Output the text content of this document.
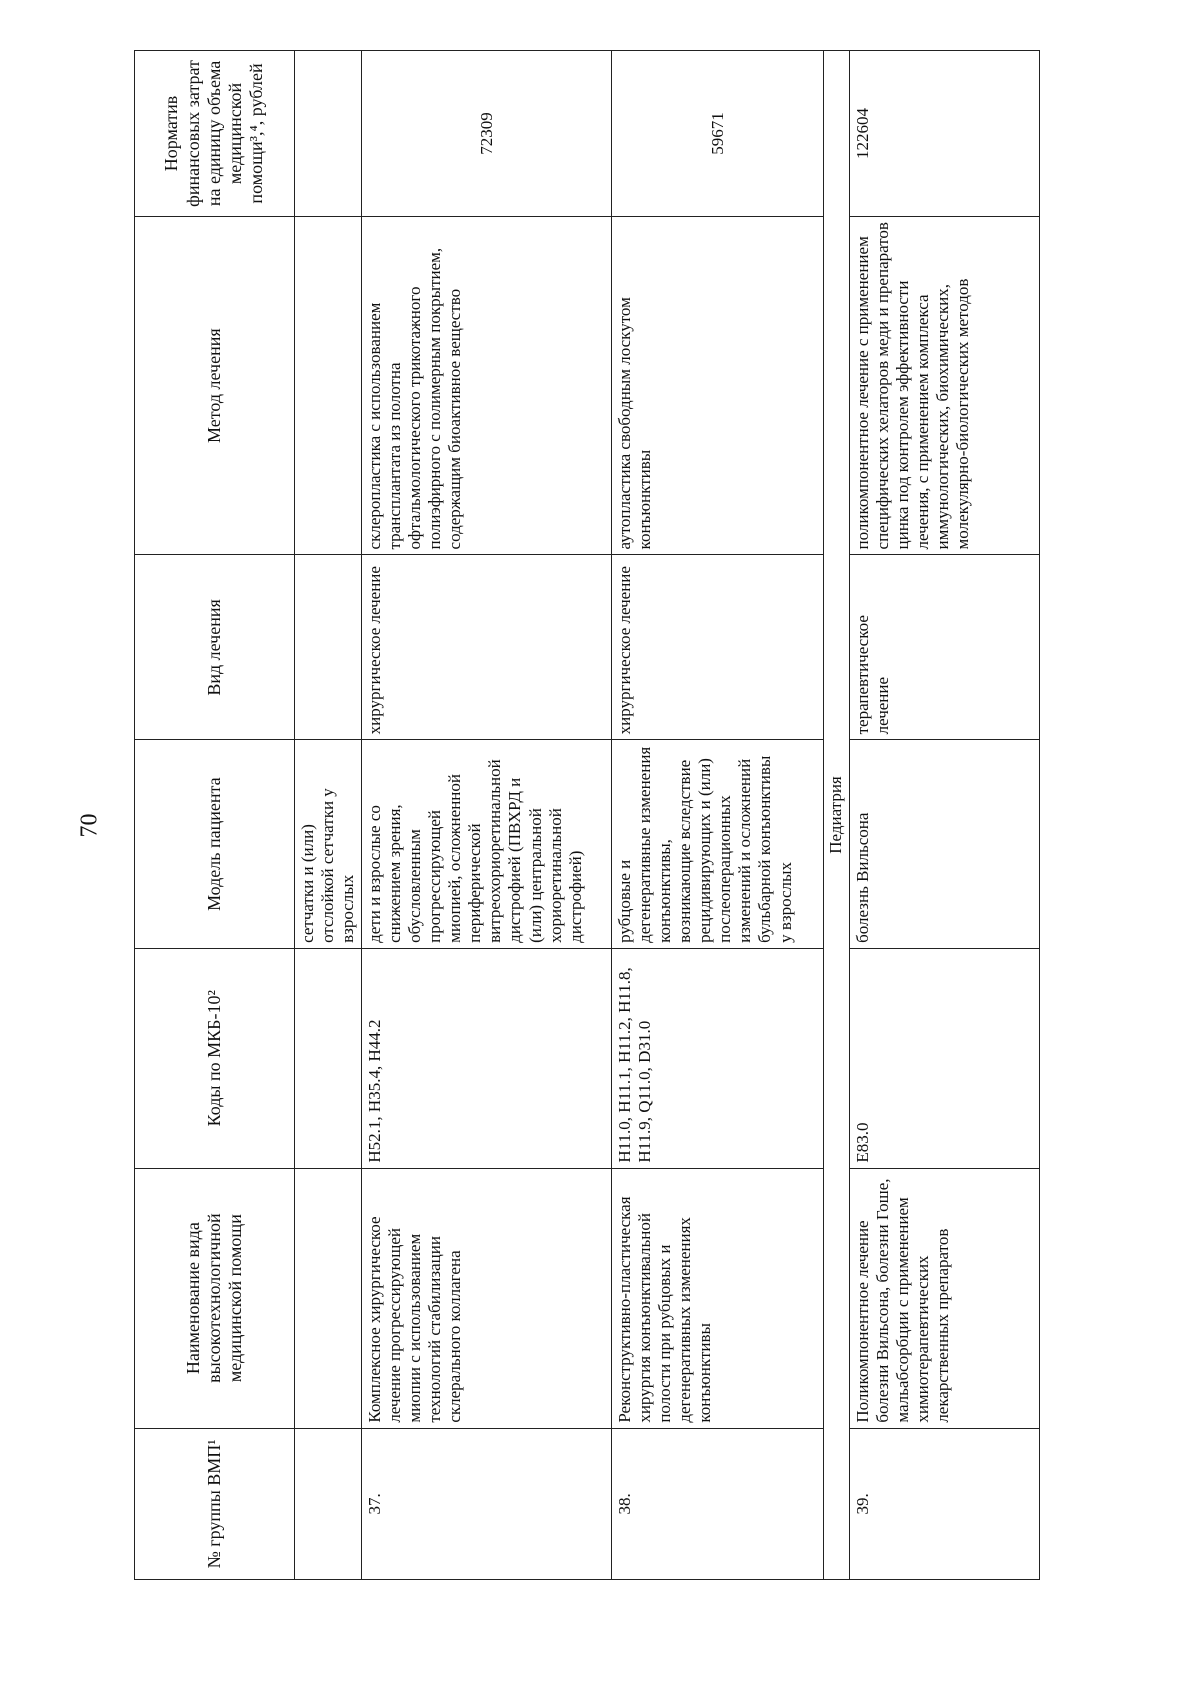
70
№ группы ВМП¹	Наименование вида высокотехнологичной медицинской помощи	Коды по МКБ-10²	Модель пациента	Вид лечения	Метод лечения	Норматив финансовых затрат на единицу объема медицинской помощи³,⁴, рублей
			сетчатки и (или) отслойкой сетчатки у взрослых			
37.	Комплексное хирургическое лечение прогрессирующей миопии с использованием технологий стабилизации склерального коллагена	H52.1, H35.4, H44.2	дети и взрослые со снижением зрения, обусловленным прогрессирующей миопией, осложненной периферической витреохориоретинальной дистрофией (ПВХРД и (или) центральной хориоретинальной дистрофией)	хирургическое лечение	склеропластика с использованием трансплантата из полотна офтальмологического трикотажного полиэфирного с полимерным покрытием, содержащим биоактивное вещество	72309
38.	Реконструктивно-пластическая хирургия конъюнктивальной полости при рубцовых и дегенеративных изменениях конъюнктивы	H11.0, H11.1, H11.2, H11.8, H11.9, Q11.0, D31.0	рубцовые и дегенеративные изменения конъюнктивы, возникающие вследствие рецидивирующих и (или) послеоперационных изменений и осложнений бульбарной конъюнктивы у взрослых	хирургическое лечение	аутопластика свободным лоскутом конъюнктивы	59671
Педиатрия						
39.	Поликомпонентное лечение болезни Вильсона, болезни Гоше, мальабсорбции с применением химиотерапевтических лекарственных препаратов	E83.0	болезнь Вильсона	терапевтическое лечение	поликомпонентное лечение с применением специфических хелаторов меди и препаратов цинка под контролем эффективности лечения, с применением комплекса иммунологических, биохимических, молекулярно-биологических методов	122604
